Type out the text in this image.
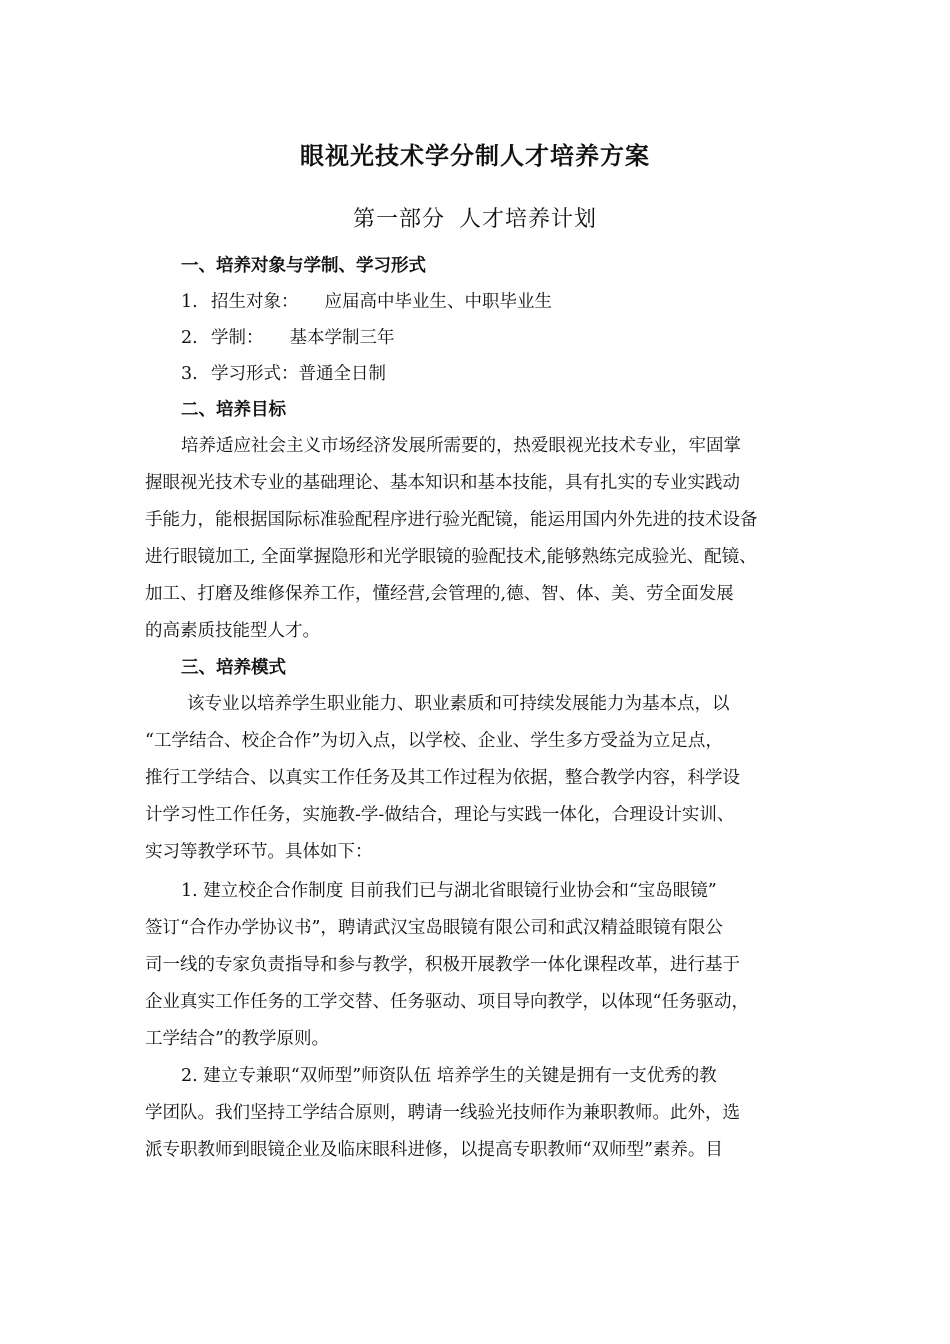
眼视光技术学分制人才培养方案
第一部分 人才培养计划
一、培养对象与学制、学习形式
1. 招生对象： 应届高中毕业生、中职毕业生
2. 学制： 基本学制三年
3. 学习形式：普通全日制
二、培养目标
培养适应社会主义市场经济发展所需要的，热爱眼视光技术专业，牢固掌
握眼视光技术专业的基础理论、基本知识和基本技能，具有扎实的专业实践动
手能力，能根据国际标准验配程序进行验光配镜，能运用国内外先进的技术设备
进行眼镜加工, 全面掌握隐形和光学眼镜的验配技术,能够熟练完成验光、配镜、
加工、打磨及维修保养工作，懂经营,会管理的,德、智、体、美、劳全面发展
的高素质技能型人才。
三、培养模式
该专业以培养学生职业能力、职业素质和可持续发展能力为基本点，以
“工学结合、校企合作”为切入点，以学校、企业、学生多方受益为立足点，
推行工学结合、以真实工作任务及其工作过程为依据，整合教学内容，科学设
计学习性工作任务，实施教-学-做结合，理论与实践一体化，合理设计实训、
实习等教学环节。具体如下：
1. 建立校企合作制度 目前我们已与湖北省眼镜行业协会和“宝岛眼镜”
签订“合作办学协议书”，聘请武汉宝岛眼镜有限公司和武汉精益眼镜有限公
司一线的专家负责指导和参与教学，积极开展教学一体化课程改革，进行基于
企业真实工作任务的工学交替、任务驱动、项目导向教学，以体现“任务驱动，
工学结合”的教学原则。
2. 建立专兼职“双师型”师资队伍 培养学生的关键是拥有一支优秀的教
学团队。我们坚持工学结合原则，聘请一线验光技师作为兼职教师。此外，选
派专职教师到眼镜企业及临床眼科进修，以提高专职教师“双师型”素养。目
